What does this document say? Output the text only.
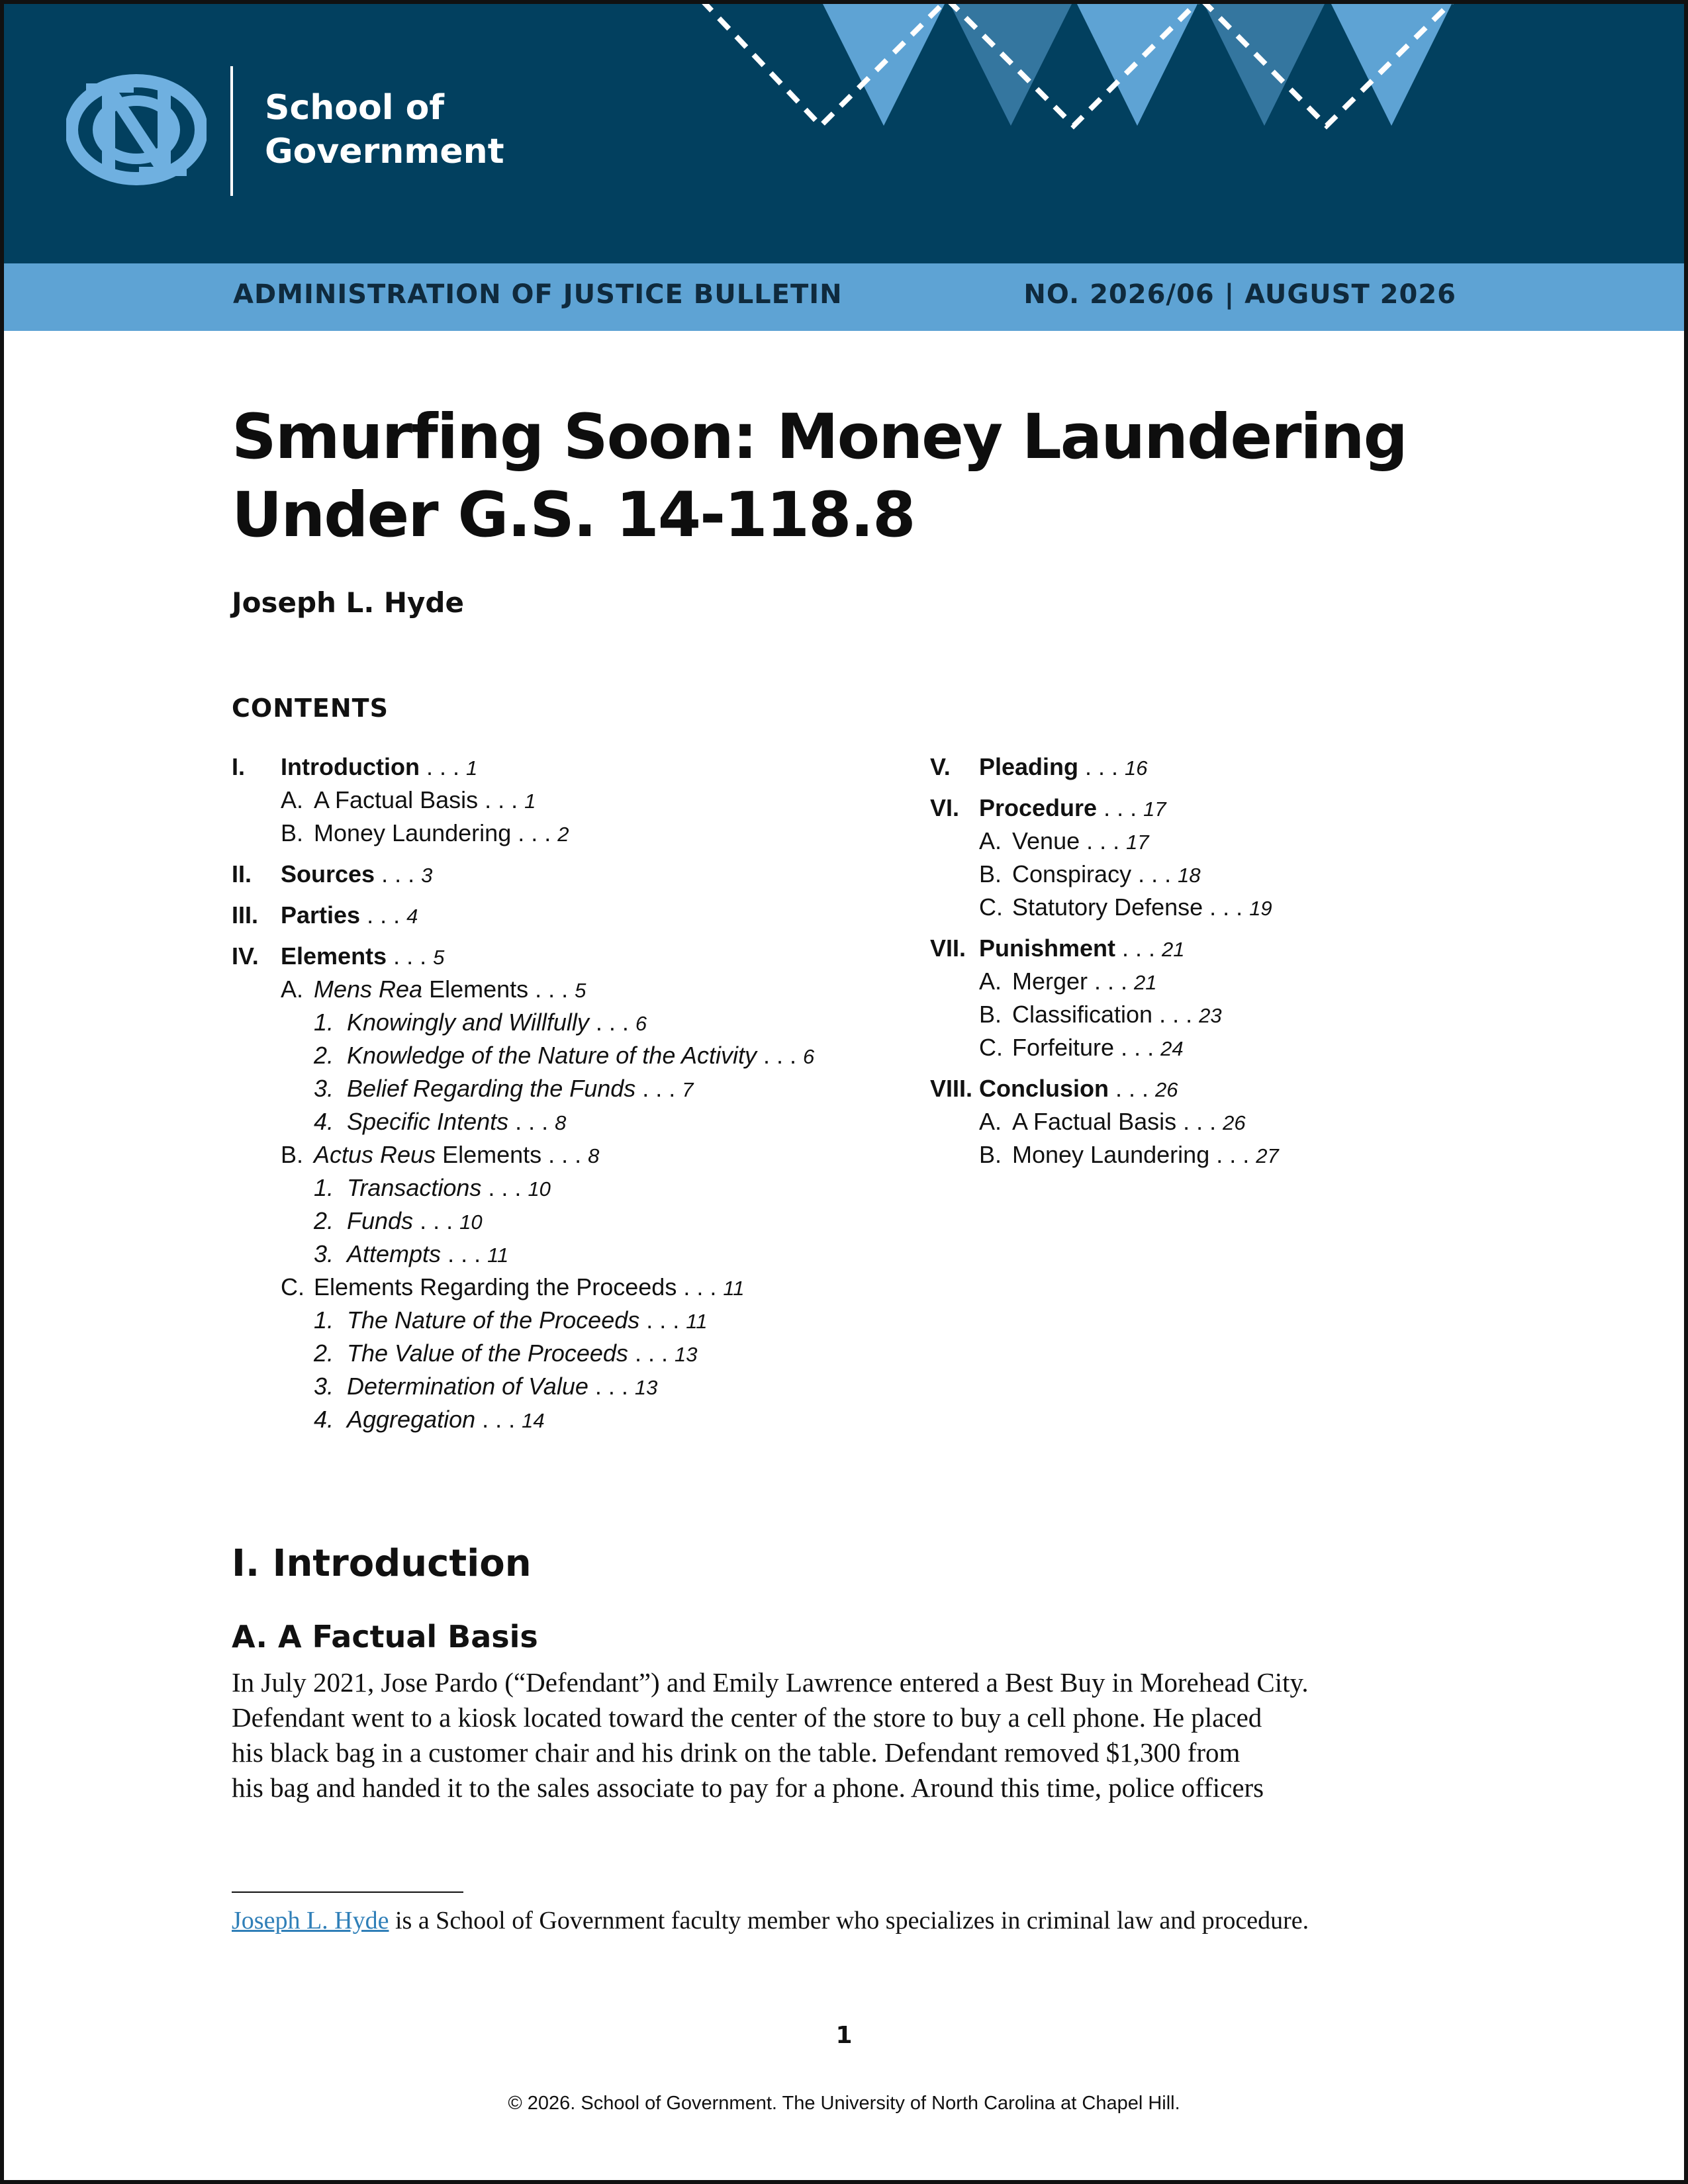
School of
Government
ADMINISTRATION OF JUSTICE BULLETIN	NO. 2026/06 | AUGUST 2026
Smurfing Soon: Money Laundering
Under G.S. 14-118.8
Joseph L. Hyde
CONTENTS
I. Introduction . . . 1
A. A Factual Basis . . . 1
B. Money Laundering . . . 2
II. Sources . . . 3
III. Parties . . . 4
IV. Elements . . . 5
A. Mens Rea Elements . . . 5
1. Knowingly and Willfully . . . 6
2. Knowledge of the Nature of the Activity . . . 6
3. Belief Regarding the Funds . . . 7
4. Specific Intents . . . 8
B. Actus Reus Elements . . . 8
1. Transactions . . . 10
2. Funds . . . 10
3. Attempts . . . 11
C. Elements Regarding the Proceeds . . . 11
1. The Nature of the Proceeds . . . 11
2. The Value of the Proceeds . . . 13
3. Determination of Value . . . 13
4. Aggregation . . . 14
V. Pleading . . . 16
VI. Procedure . . . 17
A. Venue . . . 17
B. Conspiracy . . . 18
C. Statutory Defense . . . 19
VII. Punishment . . . 21
A. Merger . . . 21
B. Classification . . . 23
C. Forfeiture . . . 24
VIII. Conclusion . . . 26
A. A Factual Basis . . . 26
B. Money Laundering . . . 27
I. Introduction
A. A Factual Basis
In July 2021, Jose Pardo (“Defendant”) and Emily Lawrence entered a Best Buy in Morehead City.
Defendant went to a kiosk located toward the center of the store to buy a cell phone. He placed
his black bag in a customer chair and his drink on the table. Defendant removed $1,300 from
his bag and handed it to the sales associate to pay for a phone. Around this time, police officers
Joseph L. Hyde is a School of Government faculty member who specializes in criminal law and procedure.
1
© 2026. School of Government. The University of North Carolina at Chapel Hill.
